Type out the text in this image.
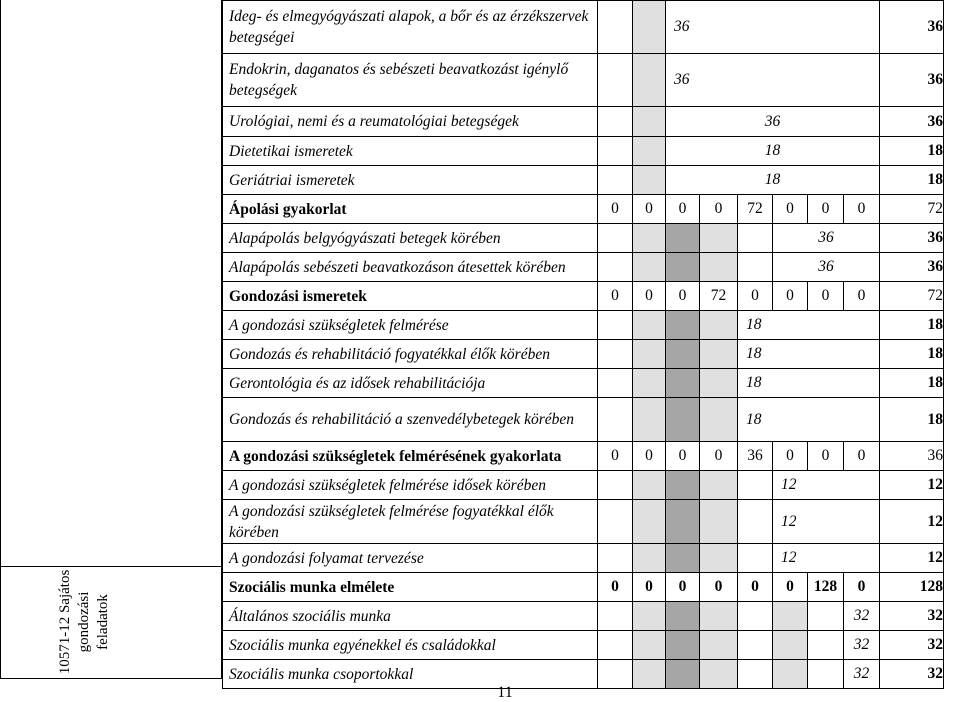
10571-12 Sajátos gondozási feladatok
Ideg- és elmegyógyászati alapok, a bőr és az érzékszervek betegségei			36						36
Endokrin, daganatos és sebészeti beavatkozást igénylő betegségek			36						36
Urológiai, nemi és a reumatológiai betegségek			36						36
Dietetikai ismeretek			18						18
Geriátriai ismeretek			18						18
Ápolási gyakorlat	0	0	0	0	72	0	0	0	72
Alapápolás belgyógyászati betegek körében						36			36
Alapápolás sebészeti beavatkozáson átesettek körében						36			36
Gondozási ismeretek	0	0	0	72	0	0	0	0	72
A gondozási szükségletek felmérése					18				18
Gondozás és rehabilitáció fogyatékkal élők körében					18				18
Gerontológia és az idősek rehabilitációja					18				18
Gondozás és rehabilitáció a szenvedélybetegek körében					18				18
A gondozási szükségletek felmérésének gyakorlata	0	0	0	0	36	0	0	0	36
A gondozási szükségletek felmérése idősek körében						12			12
A gondozási szükségletek felmérése fogyatékkal élők körében						12			12
A gondozási folyamat tervezése						12			12
Szociális munka elmélete	0	0	0	0	0	0	128	0	128
Általános szociális munka								32	32
Szociális munka egyénekkel és családokkal								32	32
Szociális munka csoportokkal								32	32
11
